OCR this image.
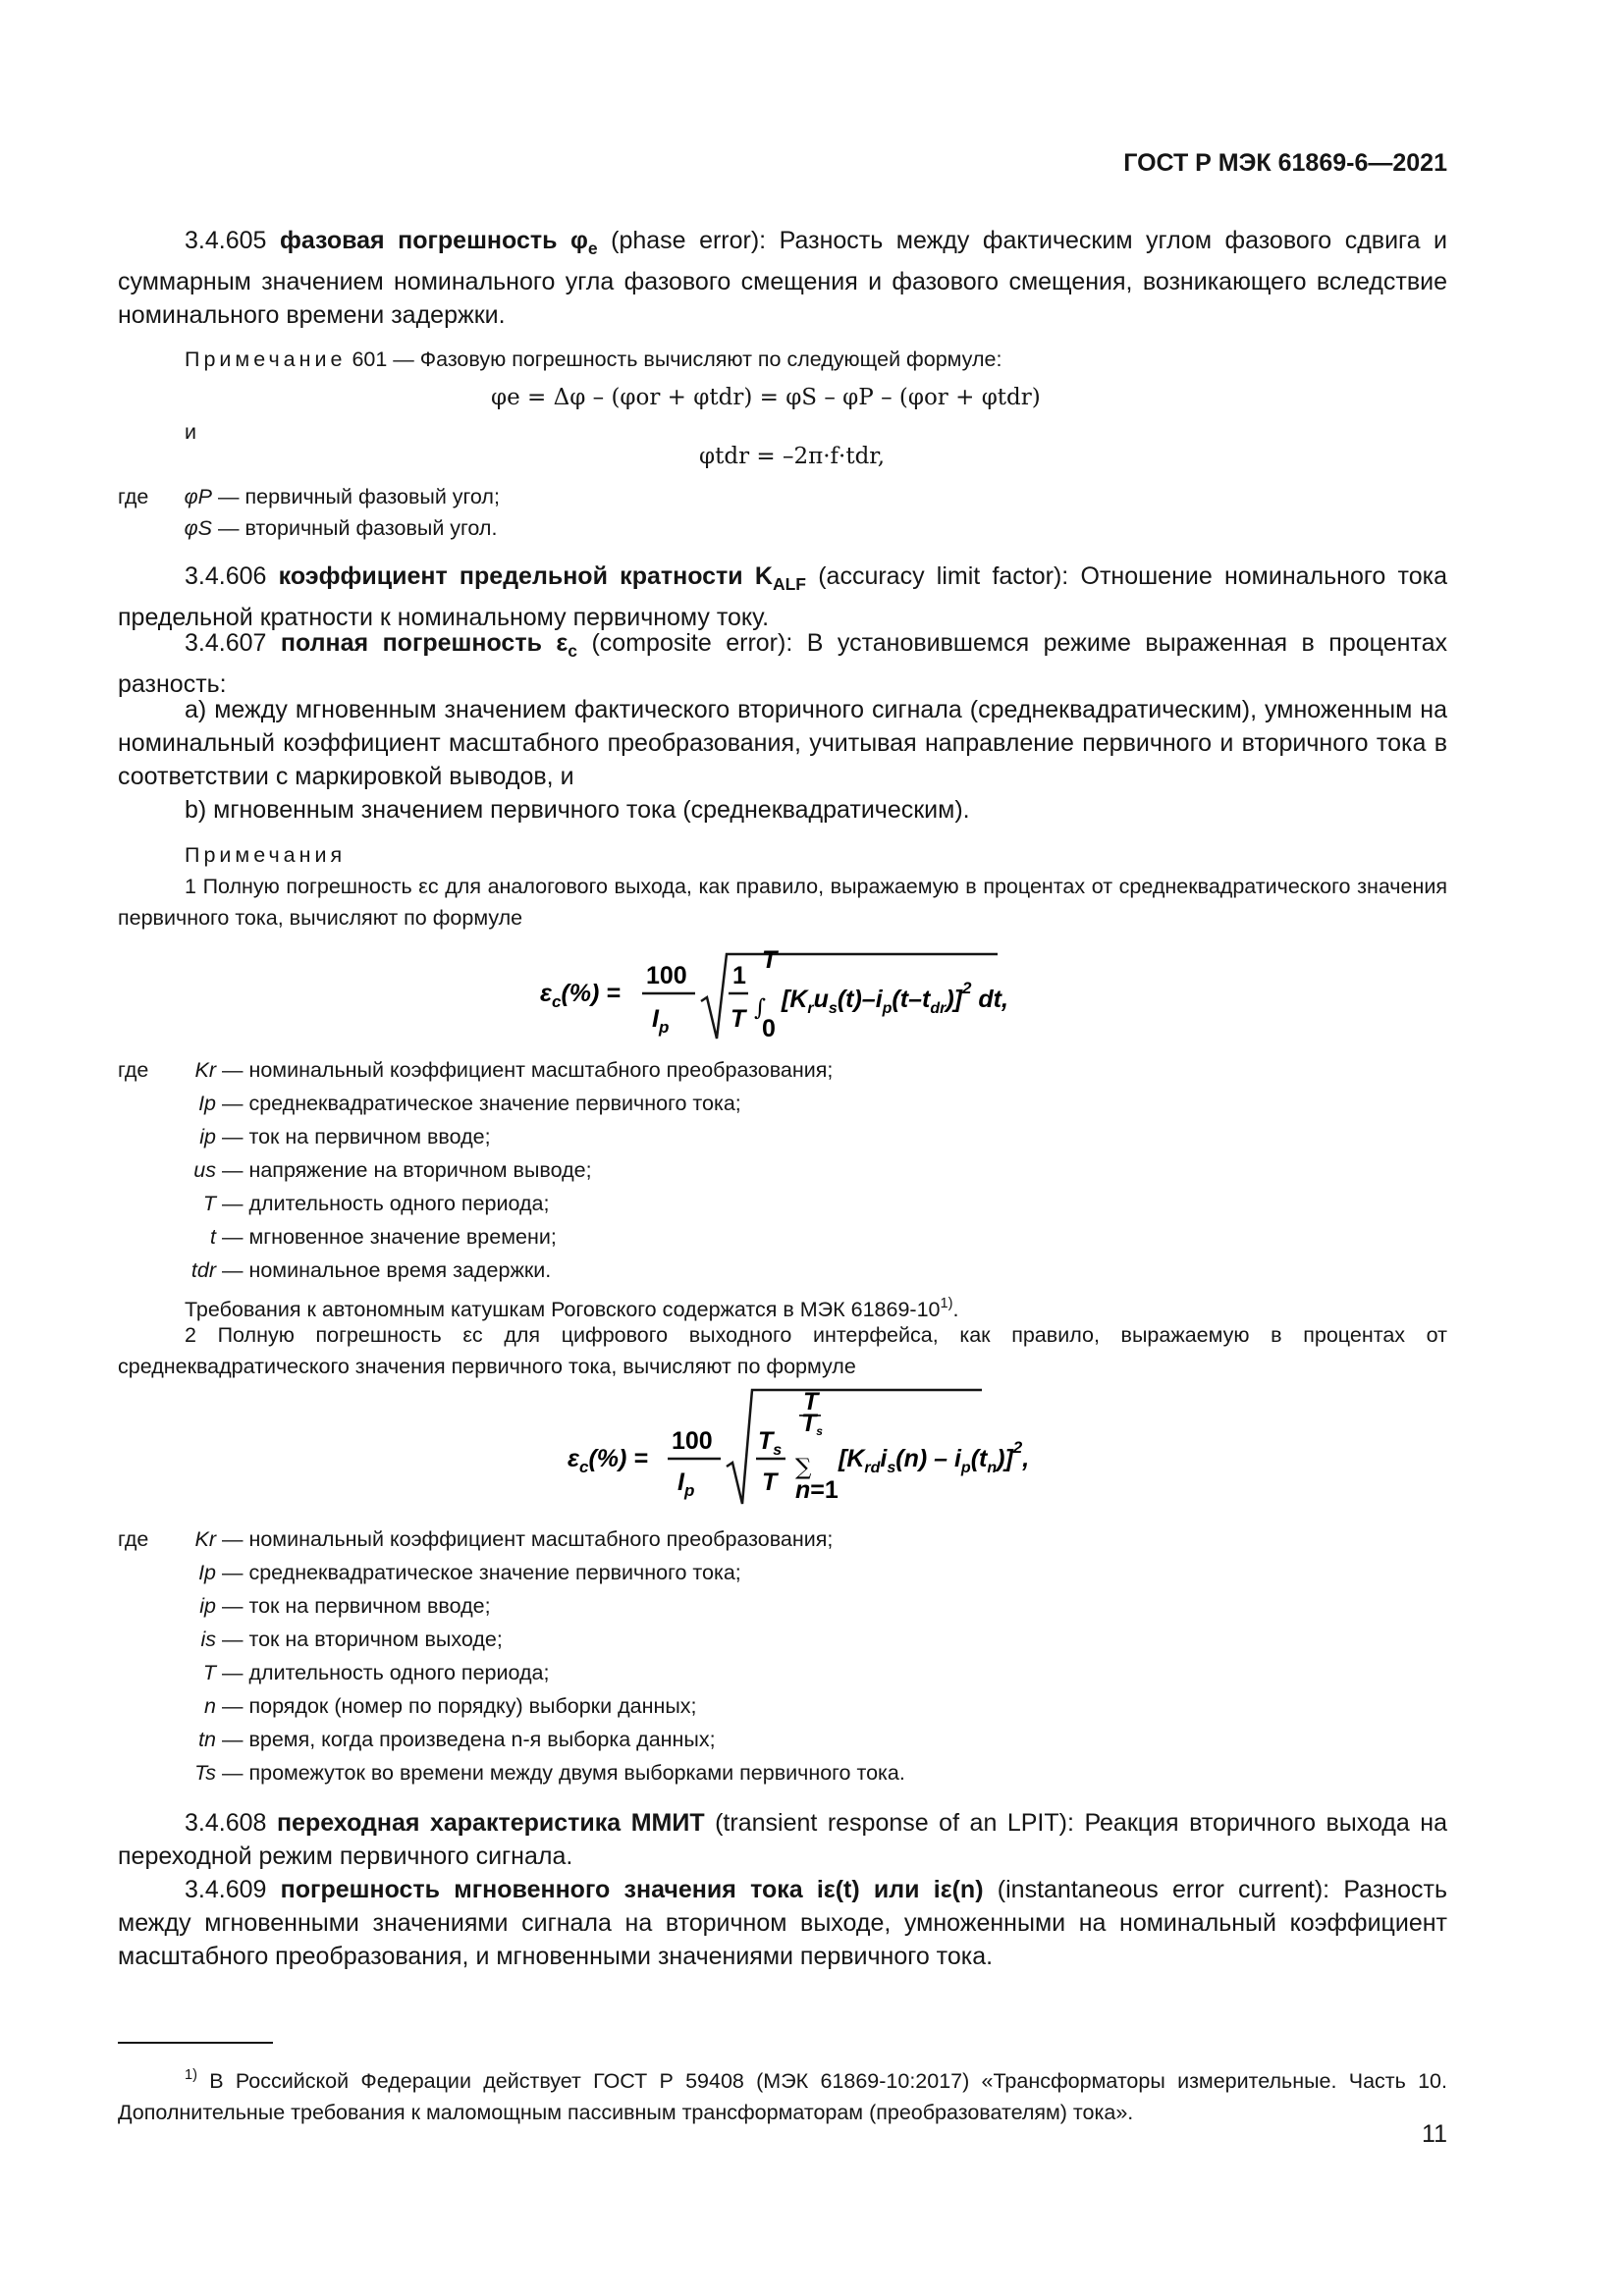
ГОСТ Р МЭК 61869-6—2021
3.4.605 фазовая погрешность $\varphi_e$ (phase error): Разность между фактическим углом фазового сдвига и суммарным значением номинального угла фазового смещения и фазового смещения, возникающего вследствие номинального времени задержки.
Примечание 601 — Фазовую погрешность вычисляют по следующей формуле:
φe = Δφ – (φor + φtdr) = φS – φP – (φor + φtdr)
и
φtdr = –2π·f·tdr,
где φP — первичный фазовый угол;
φS — вторичный фазовый угол.
3.4.606 коэффициент предельной кратности $K_{ALF}$ (accuracy limit factor): Отношение номинального тока предельной кратности к номинальному первичному току.
3.4.607 полная погрешность $\varepsilon_c$ (composite error): В установившемся режиме выраженная в процентах разность:
a) между мгновенным значением фактического вторичного сигнала (среднеквадратическим), умноженным на номинальный коэффициент масштабного преобразования, учитывая направление первичного и вторичного тока в соответствии с маркировкой выводов, и
b) мгновенным значением первичного тока (среднеквадратическим).
Примечания
1 Полную погрешность εc для аналогового выхода, как правило, выражаемую в процентах от среднеквадратического значения первичного тока, вычисляют по формуле
$\varepsilon_c(\%)$ =
100
$I_p$
1
T ∫
T
0
$[K_ru_s(t)-i_p(t-t_{dr})]^2$ dt,
где Kr — номинальный коэффициент масштабного преобразования;
Ip — среднеквадратическое значение первичного тока;
ip — ток на первичном вводе;
us — напряжение на вторичном выводе;
T — длительность одного периода;
t — мгновенное значение времени;
tdr — номинальное время задержки.
Требования к автономным катушкам Роговского содержатся в МЭК 61869-10$^{1)}$.
2 Полную погрешность εc для цифрового выходного интерфейса, как правило, выражаемую в процентах от среднеквадратического значения первичного тока, вычисляют по формуле
$\varepsilon_c(\%)$ =
100
$I_p$
$T_s$
T
T
Ts
∑
n=1
$[K_{rd}i_s(n) - i_p(t_n)]^2$,
где Kr — номинальный коэффициент масштабного преобразования;
Ip — среднеквадратическое значение первичного тока;
ip — ток на первичном вводе;
is — ток на вторичном выходе;
T — длительность одного периода;
n — порядок (номер по порядку) выборки данных;
tn — время, когда произведена n-я выборка данных;
Ts — промежуток во времени между двумя выборками первичного тока.
3.4.608 переходная характеристика ММИТ (transient response of an LPIT): Реакция вторичного выхода на переходной режим первичного сигнала.
3.4.609 погрешность мгновенного значения тока iε(t) или iε(n) (instantaneous error current): Разность между мгновенными значениями сигнала на вторичном выходе, умноженными на номинальный коэффициент масштабного преобразования, и мгновенными значениями первичного тока.
$^{1)}$ В Российской Федерации действует ГОСТ Р 59408 (МЭК 61869-10:2017) «Трансформаторы измерительные. Часть 10. Дополнительные требования к маломощным пассивным трансформаторам (преобразователям) тока».
11
